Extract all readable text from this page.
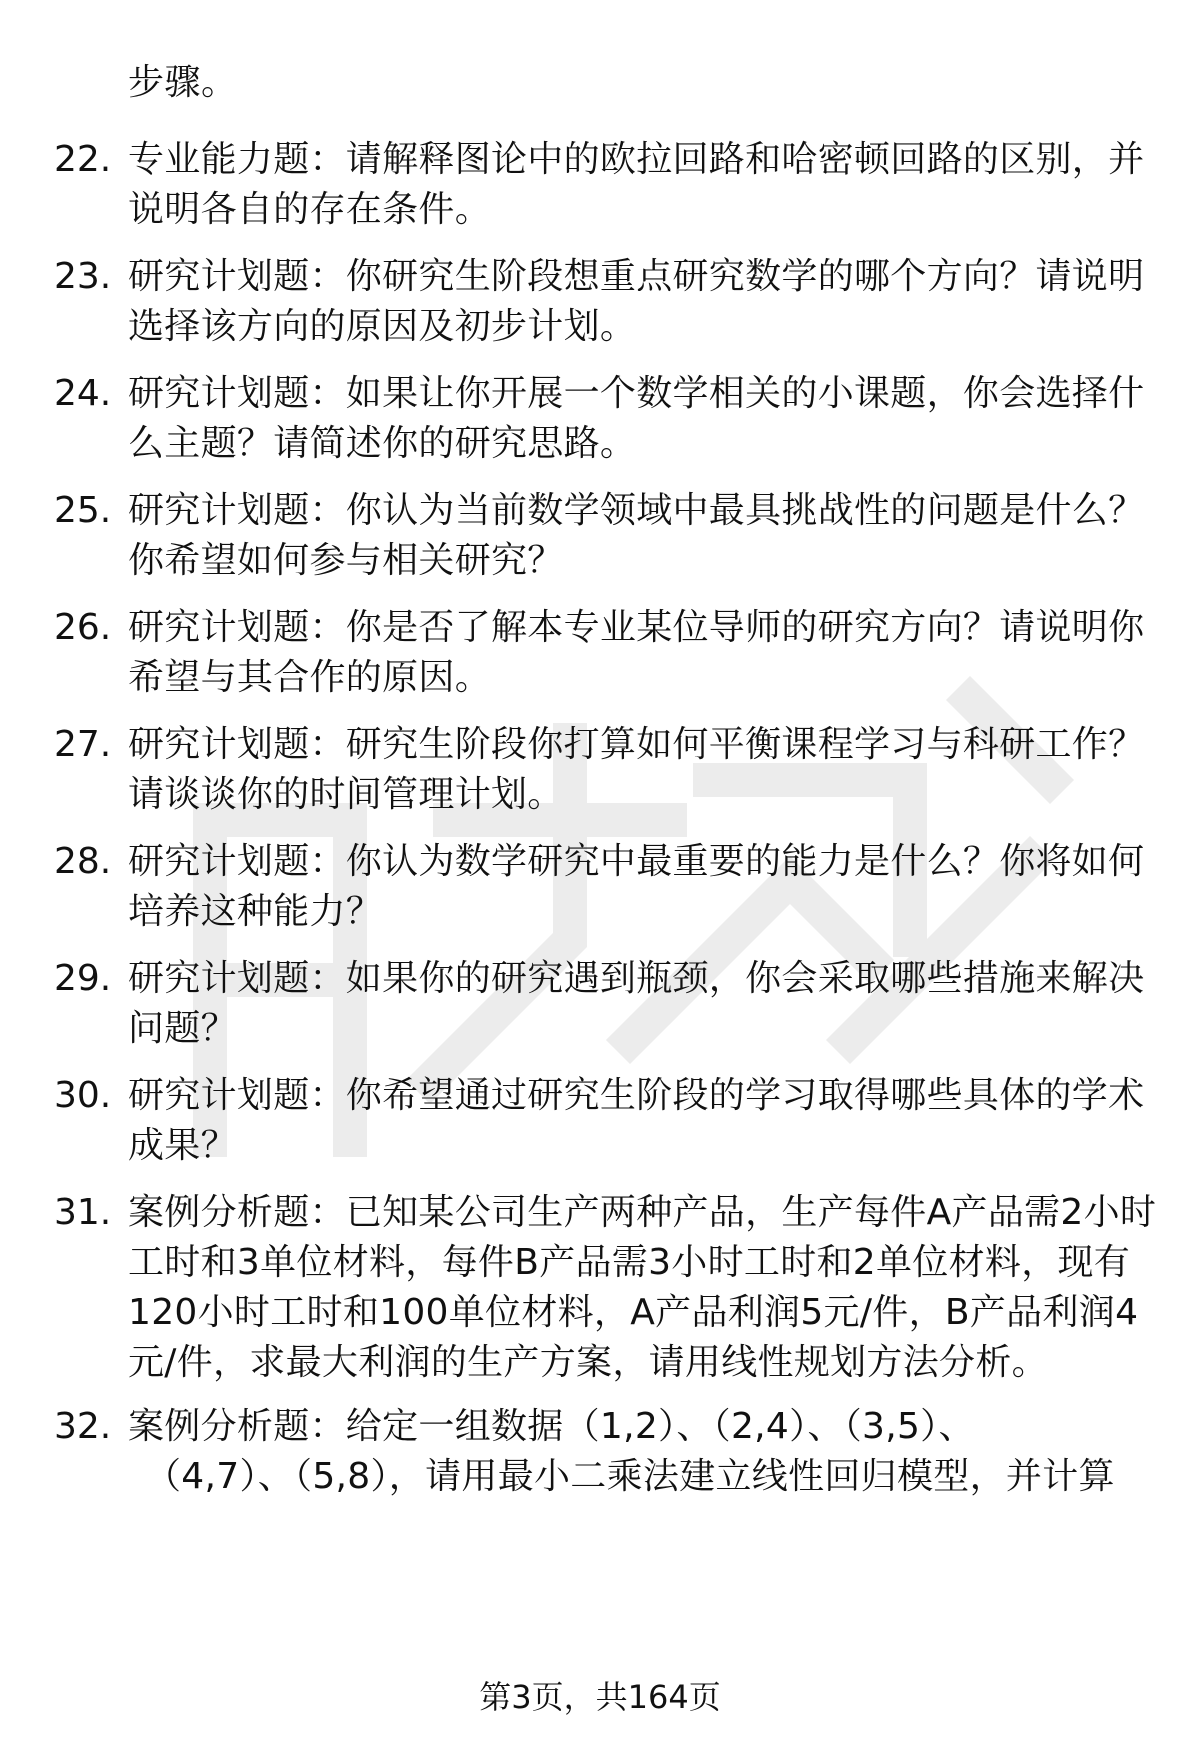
步骤。
22. 专业能力题：请解释图论中的欧拉回路和哈密顿回路的区别，并
说明各自的存在条件。
23. 研究计划题：你研究生阶段想重点研究数学的哪个方向？请说明
选择该方向的原因及初步计划。
24. 研究计划题：如果让你开展一个数学相关的小课题，你会选择什
么主题？请简述你的研究思路。
25. 研究计划题：你认为当前数学领域中最具挑战性的问题是什么？
你希望如何参与相关研究？
26. 研究计划题：你是否了解本专业某位导师的研究方向？请说明你
希望与其合作的原因。
27. 研究计划题：研究生阶段你打算如何平衡课程学习与科研工作？
请谈谈你的时间管理计划。
28. 研究计划题：你认为数学研究中最重要的能力是什么？你将如何
培养这种能力？
29. 研究计划题：如果你的研究遇到瓶颈，你会采取哪些措施来解决
问题？
30. 研究计划题：你希望通过研究生阶段的学习取得哪些具体的学术
成果？
31. 案例分析题：已知某公司生产两种产品，生产每件A产品需2小时
工时和3单位材料，每件B产品需3小时工时和2单位材料，现有
120小时工时和100单位材料，A产品利润5元/件，B产品利润4
元/件，求最大利润的生产方案，请用线性规划方法分析。
32. 案例分析题：给定一组数据（1,2）、（2,4）、（3,5）、
（4,7）、（5,8），请用最小二乘法建立线性回归模型，并计算
第3页，共164页
